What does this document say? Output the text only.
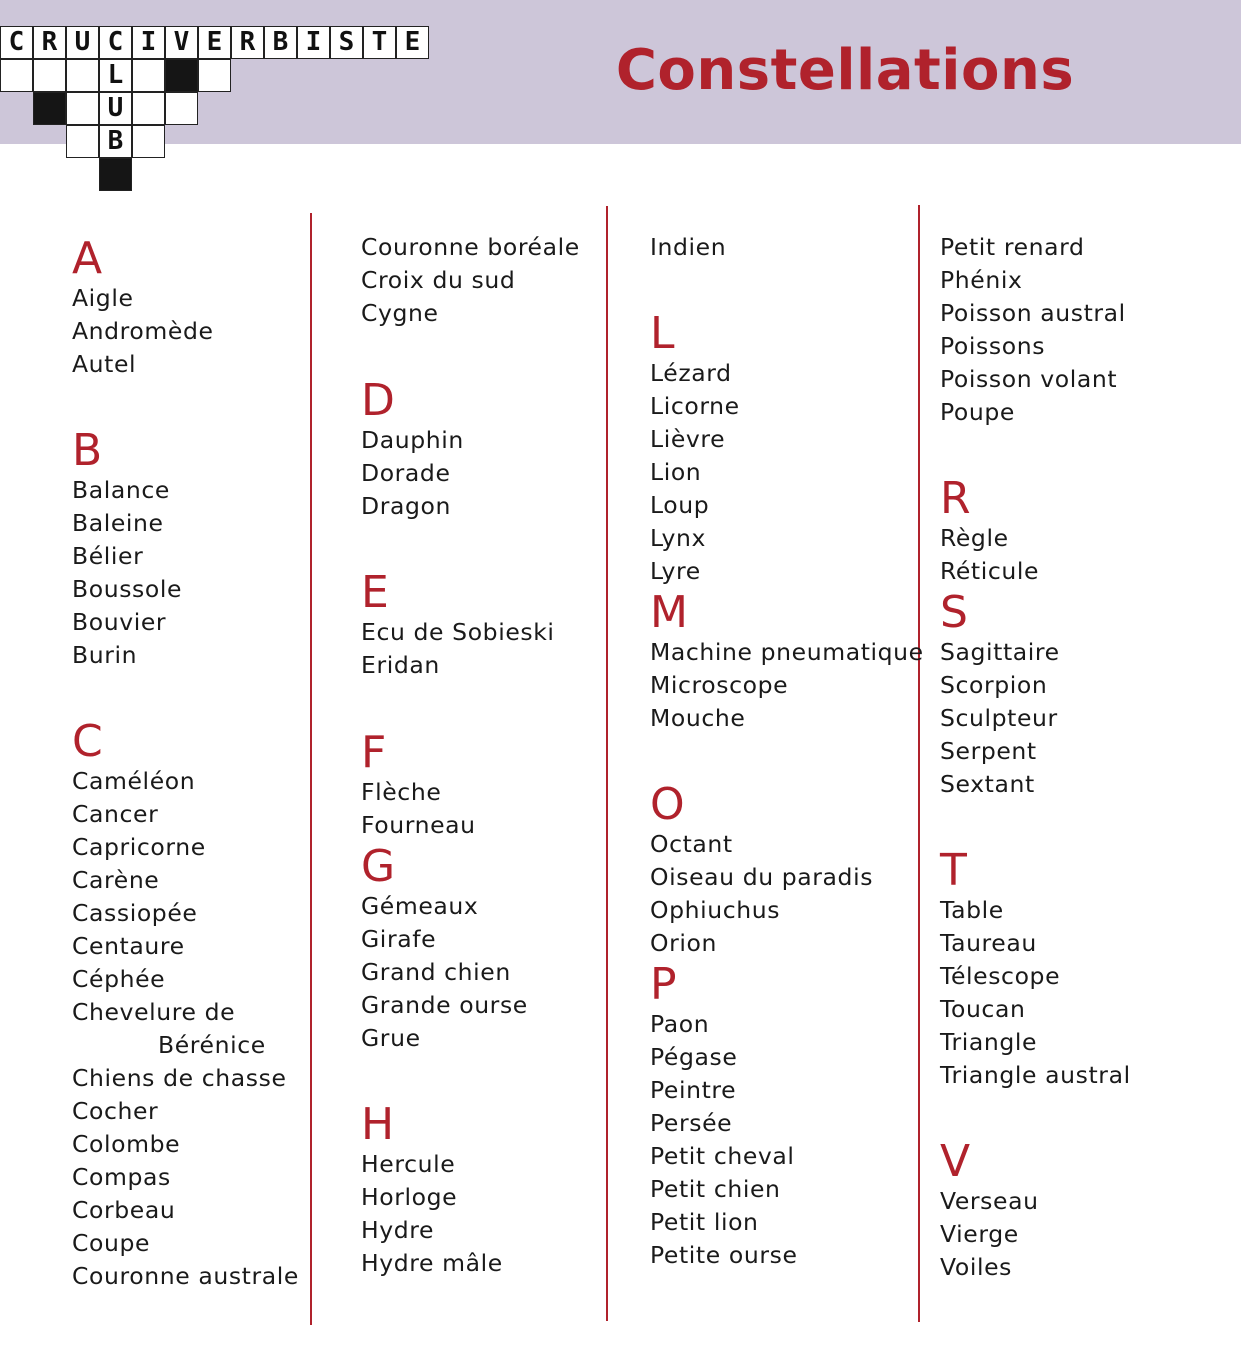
C R U C I V E R B I S T E
L
U
B
Constellations
A
Aigle
Andromède
Autel
B
Balance
Baleine
Bélier
Boussole
Bouvier
Burin
C
Caméléon
Cancer
Capricorne
Carène
Cassiopée
Centaure
Céphée
Chevelure de
Bérénice
Chiens de chasse
Cocher
Colombe
Compas
Corbeau
Coupe
Couronne australe
Couronne boréale
Croix du sud
Cygne
D
Dauphin
Dorade
Dragon
E
Ecu de Sobieski
Eridan
F
Flèche
Fourneau
G
Gémeaux
Girafe
Grand chien
Grande ourse
Grue
H
Hercule
Horloge
Hydre
Hydre mâle
Indien
L
Lézard
Licorne
Lièvre
Lion
Loup
Lynx
Lyre
M
Machine pneumatique
Microscope
Mouche
O
Octant
Oiseau du paradis
Ophiuchus
Orion
P
Paon
Pégase
Peintre
Persée
Petit cheval
Petit chien
Petit lion
Petite ourse
Petit renard
Phénix
Poisson austral
Poissons
Poisson volant
Poupe
R
Règle
Réticule
S
Sagittaire
Scorpion
Sculpteur
Serpent
Sextant
T
Table
Taureau
Télescope
Toucan
Triangle
Triangle austral
V
Verseau
Vierge
Voiles
